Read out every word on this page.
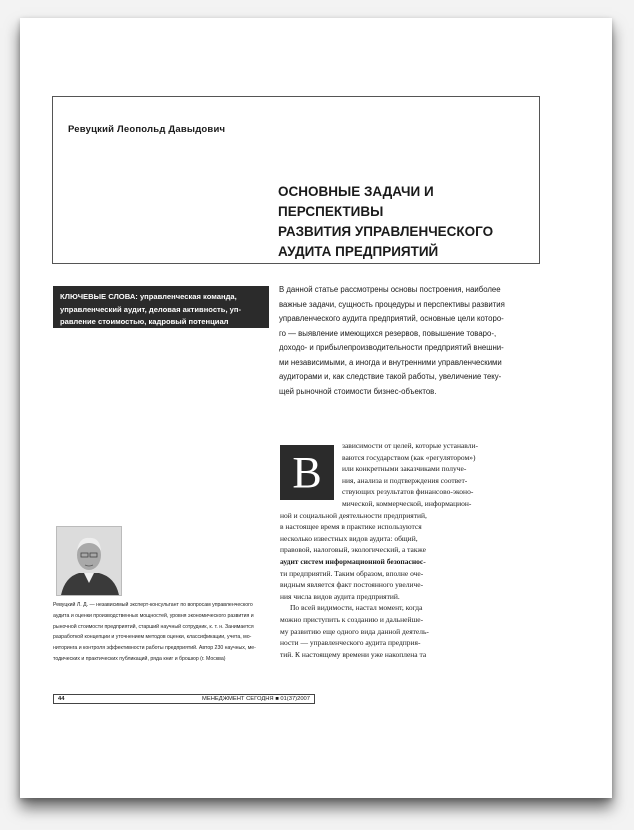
Ревуцкий Леопольд Давыдович
ОСНОВНЫЕ ЗАДАЧИ И ПЕРСПЕКТИВЫ
РАЗВИТИЯ УПРАВЛЕНЧЕСКОГО
АУДИТА ПРЕДПРИЯТИЙ
КЛЮЧЕВЫЕ СЛОВА: управленческая команда,
управленческий аудит, деловая активность, уп-
равление стоимостью, кадровый потенциал
В данной статье рассмотрены основы построения, наиболее
важные задачи, сущность процедуры и перспективы развития
управленческого аудита предприятий, основные цели которо-
го — выявление имеющихся резервов, повышение товаро-,
доходо- и прибылепроизводительности предприятий внешни-
ми независимыми, а иногда и внутренними управленческими
аудиторами и, как следствие такой работы, увеличение теку-
щей рыночной стоимости бизнес-объектов.
В
зависимости от целей, которые устанавли-
ваются государством (как «регулятором»)
или конкретными заказчиками получе-
ния, анализа и подтверждения соответ-
ствующих результатов финансово-эконо-
мической, коммерческой, информацион-
ной и социальной деятельности предприятий,
в настоящее время в практике используются
несколько известных видов аудита: общий,
правовой, налоговый, экологический, а также
аудит систем информационной безопаснос-
ти предприятий. Таким образом, вполне оче-
видным является факт постоянного увеличе-
ния числа видов аудита предприятий.
По всей видимости, настал момент, когда
можно приступить к созданию и дальнейше-
му развитию еще одного вида данной деятель-
ности — управленческого аудита предприя-
тий. К настоящему времени уже накоплена та
Ревуцкий Л. Д. — независимый эксперт-консультант по вопросам управленческого
аудита и оценки производственных мощностей, уровня экономического развития и
рыночной стоимости предприятий, старший научный сотрудник, к. т. н. Занимается
разработкой концепции и уточнением методов оценки, классификации, учета, мо-
ниторинга и контроля эффективности работы предприятий. Автор 230 научных, ме-
тодических и практических публикаций, ряда книг и брошюр (г. Москва)
44	МЕНЕДЖМЕНТ СЕГОДНЯ ■ 01(37)2007
